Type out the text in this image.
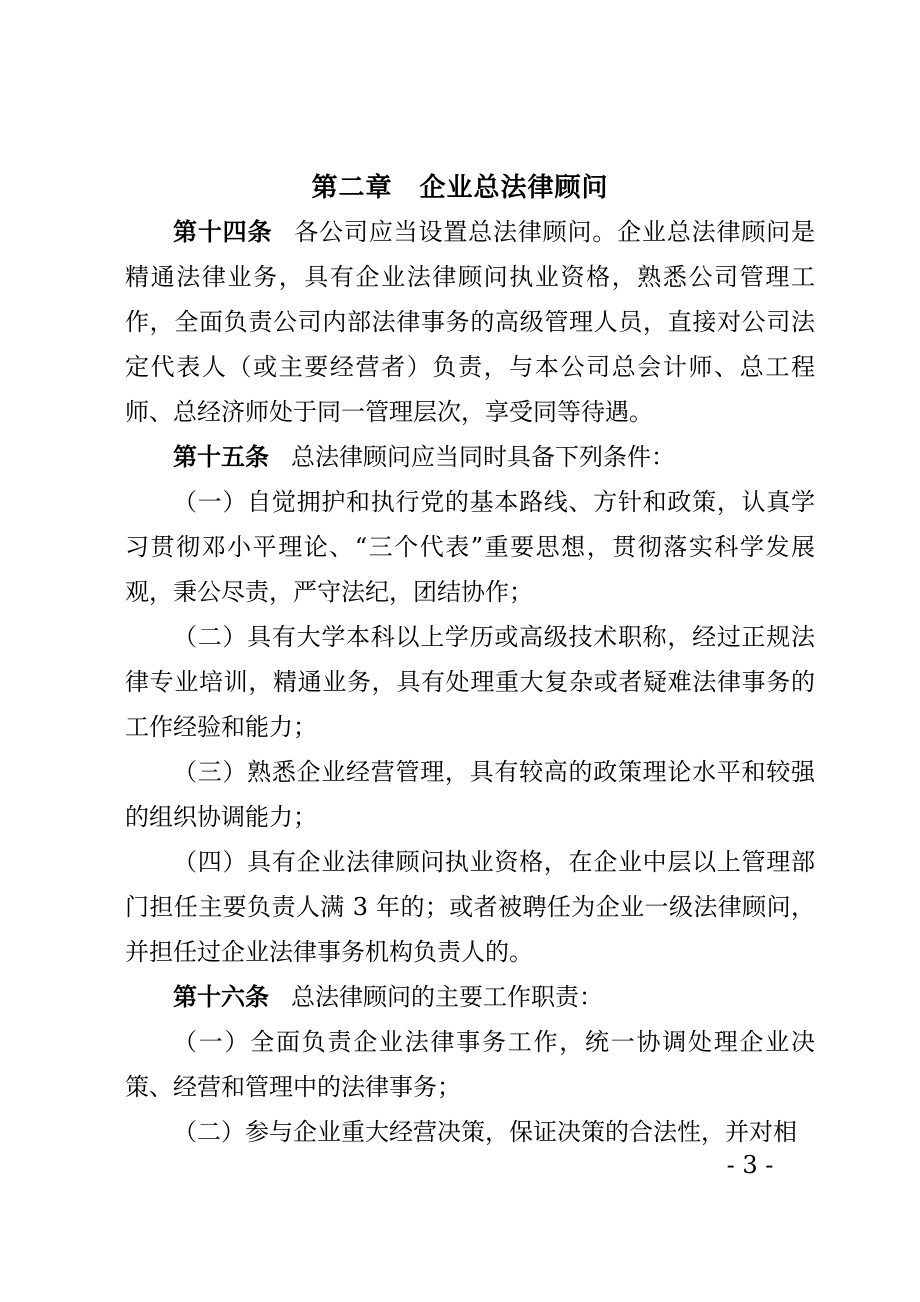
第二章　企业总法律顾问

第十四条 各公司应当设置总法律顾问。企业总法律顾问是精通法律业务，具有企业法律顾问执业资格，熟悉公司管理工作，全面负责公司内部法律事务的高级管理人员，直接对公司法定代表人（或主要经营者）负责，与本公司总会计师、总工程师、总经济师处于同一管理层次，享受同等待遇。

第十五条 总法律顾问应当同时具备下列条件：

（一）自觉拥护和执行党的基本路线、方针和政策，认真学习贯彻邓小平理论、“三个代表”重要思想，贯彻落实科学发展观，秉公尽责，严守法纪，团结协作；

（二）具有大学本科以上学历或高级技术职称，经过正规法律专业培训，精通业务，具有处理重大复杂或者疑难法律事务的工作经验和能力；

（三）熟悉企业经营管理，具有较高的政策理论水平和较强的组织协调能力；

（四）具有企业法律顾问执业资格，在企业中层以上管理部门担任主要负责人满 3 年的；或者被聘任为企业一级法律顾问，并担任过企业法律事务机构负责人的。

第十六条 总法律顾问的主要工作职责：

（一）全面负责企业法律事务工作，统一协调处理企业决策、经营和管理中的法律事务；

（二）参与企业重大经营决策，保证决策的合法性，并对相

- 3 -
